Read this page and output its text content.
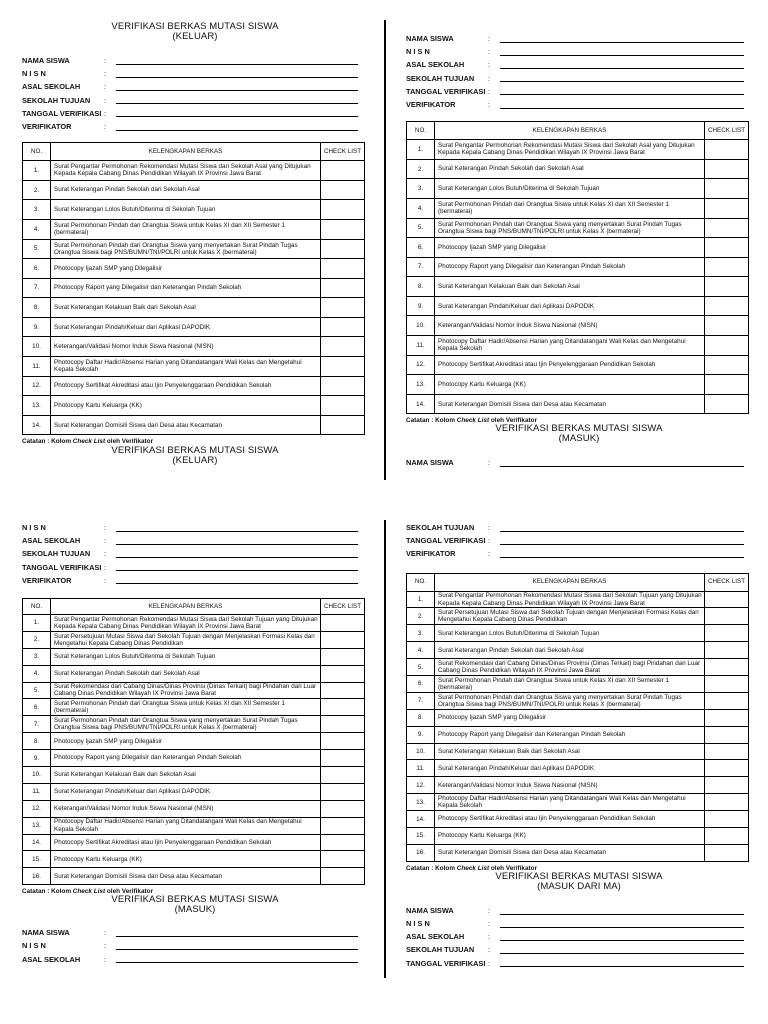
VERIFIKASI BERKAS MUTASI SISWA
(KELUAR)
NAMA SISWA	:
N I S N	:
ASAL SEKOLAH	:
SEKOLAH TUJUAN :
TANGGAL VERIFIKASI :
VERIFIKATOR	:
NO.	KELENGKAPAN BERKAS	CHECK LIST
1.	Surat Pengantar Permohonan Rekomendasi Mutasi Siswa dari Sekolah Asal yang Ditujukan Kepada Kepala Cabang Dinas Pendidikan Wilayah IX Provinsi Jawa Barat	
2.	Surat Keterangan Pindah Sekolah dari Sekolah Asal	
3.	Surat Keterangan Lolos Butuh/Diterima di Sekolah Tujuan	
4.	Surat Permohonan Pindah dari Orangtua Siswa untuk Kelas XI dan XII Semester 1 (bermaterai)	
5.	Surat Permohonan Pindah dari Orangtua Siswa yang menyertakan Surat Pindah Tugas Orangtua Siswa bagi PNS/BUMN/TNI/POLRI untuk Kelas X (bermaterai)	
6.	Photocopy Ijazah SMP yang Dilegalisir	
7.	Photocopy Raport yang Dilegalisir dan Keterangan Pindah Sekolah	
8.	Surat Keterangan Kelakuan Baik dari Sekolah Asal	
9.	Surat Keterangan Pindah/Keluar dari Aplikasi DAPODIK	
10.	Keterangan/Validasi Nomor Induk Siswa Nasional (NISN)	
11.	Photocopy Daftar Hadir/Absensi Harian yang Ditandatangani Wali Kelas dan Mengetahui Kepala Sekolah	
12.	Photocopy Sertifikat Akreditasi atau Ijin Penyelenggaraan Pendidikan Sekolah	
13.	Photocopy Kartu Keluarga (KK)	
14.	Surat Keterangan Domisili Siswa dari Desa atau Kecamatan	
Catatan : Kolom Check List oleh Verifikator
VERIFIKASI BERKAS MUTASI SISWA
(KELUAR)
NAMA SISWA	:
N I S N	:
ASAL SEKOLAH	:
SEKOLAH TUJUAN :
TANGGAL VERIFIKASI :
VERIFIKATOR	:
NO.	KELENGKAPAN BERKAS	CHECK LIST
1.	Surat Pengantar Permohonan Rekomendasi Mutasi Siswa dari Sekolah Asal yang Ditujukan Kepada Kepala Cabang Dinas Pendidikan Wilayah IX Provinsi Jawa Barat	
2.	Surat Keterangan Pindah Sekolah dari Sekolah Asal	
3.	Surat Keterangan Lolos Butuh/Diterima di Sekolah Tujuan	
4.	Surat Permohonan Pindah dari Orangtua Siswa untuk Kelas XI dan XII Semester 1 (bermaterai)	
5.	Surat Permohonan Pindah dari Orangtua Siswa yang menyertakan Surat Pindah Tugas Orangtua Siswa bagi PNS/BUMN/TNI/POLRI untuk Kelas X (bermaterai)	
6.	Photocopy Ijazah SMP yang Dilegalisir	
7.	Photocopy Raport yang Dilegalisir dan Keterangan Pindah Sekolah	
8.	Surat Keterangan Kelakuan Baik dari Sekolah Asal	
9.	Surat Keterangan Pindah/Keluar dari Aplikasi DAPODIK	
10.	Keterangan/Validasi Nomor Induk Siswa Nasional (NISN)	
11.	Photocopy Daftar Hadir/Absensi Harian yang Ditandatangani Wali Kelas dan Mengetahui Kepala Sekolah	
12.	Photocopy Sertifikat Akreditasi atau Ijin Penyelenggaraan Pendidikan Sekolah	
13.	Photocopy Kartu Keluarga (KK)	
14.	Surat Keterangan Domisili Siswa dari Desa atau Kecamatan	
Catatan : Kolom Check List oleh Verifikator
VERIFIKASI BERKAS MUTASI SISWA
(MASUK)
NAMA SISWA	:
N I S N	:
ASAL SEKOLAH	:
SEKOLAH TUJUAN :
TANGGAL VERIFIKASI :
VERIFIKATOR	:
NO.	KELENGKAPAN BERKAS	CHECK LIST
1.	Surat Pengantar Permohonan Rekomendasi Mutasi Siswa dari Sekolah Tujuan yang Ditujukan Kepada Kepala Cabang Dinas Pendidikan Wilayah IX Provinsi Jawa Barat	
2.	Surat Persetujuan Mutasi Siswa dari Sekolah Tujuan dengan Menjelaskan Formasi Kelas dan Mengetahui Kepala Cabang Dinas Pendidikan	
3.	Surat Keterangan Lolos Butuh/Diterima di Sekolah Tujuan	
4.	Surat Keterangan Pindah Sekolah dari Sekolah Asal	
5.	Surat Rekomendasi dari Cabang Dinas/Dinas Provinsi (Dinas Terkait) bagi Pindahan dari Luar Cabang Dinas Pendidikan Wilayah IX Provinsi Jawa Barat	
6.	Surat Permohonan Pindah dari Orangtua Siswa untuk Kelas XI dan XII Semester 1 (bermaterai)	
7.	Surat Permohonan Pindah dari Orangtua Siswa yang menyertakan Surat Pindah Tugas Orangtua Siswa bagi PNS/BUMN/TNI/POLRI untuk Kelas X (bermaterai)	
8.	Photocopy Ijazah SMP yang Dilegalisir	
9.	Photocopy Raport yang Dilegalisir dan Keterangan Pindah Sekolah	
10.	Surat Keterangan Kelakuan Baik dari Sekolah Asal	
11.	Surat Keterangan Pindah/Keluar dari Aplikasi DAPODIK	
12.	Keterangan/Validasi Nomor Induk Siswa Nasional (NISN)	
13.	Photocopy Daftar Hadir/Absensi Harian yang Ditandatangani Wali Kelas dan Mengetahui Kepala Sekolah	
14.	Photocopy Sertifikat Akreditasi atau Ijin Penyelenggaraan Pendidikan Sekolah	
15.	Photocopy Kartu Keluarga (KK)	
16.	Surat Keterangan Domisili Siswa dari Desa atau Kecamatan	
Catatan : Kolom Check List oleh Verifikator
VERIFIKASI BERKAS MUTASI SISWA
(MASUK)
NAMA SISWA	:
N I S N	:
ASAL SEKOLAH	:
SEKOLAH TUJUAN :
TANGGAL VERIFIKASI :
VERIFIKATOR	:
NO.	KELENGKAPAN BERKAS	CHECK LIST
1.	Surat Pengantar Permohonan Rekomendasi Mutasi Siswa dari Sekolah Tujuan yang Ditujukan Kepada Kepala Cabang Dinas Pendidikan Wilayah IX Provinsi Jawa Barat	
2.	Surat Persetujuan Mutasi Siswa dari Sekolah Tujuan dengan Menjelaskan Formasi Kelas dan Mengetahui Kepala Cabang Dinas Pendidikan	
3.	Surat Keterangan Lolos Butuh/Diterima di Sekolah Tujuan	
4.	Surat Keterangan Pindah Sekolah dari Sekolah Asal	
5.	Surat Rekomendasi dari Cabang Dinas/Dinas Provinsi (Dinas Terkait) bagi Pindahan dari Luar Cabang Dinas Pendidikan Wilayah IX Provinsi Jawa Barat	
6.	Surat Permohonan Pindah dari Orangtua Siswa untuk Kelas XI dan XII Semester 1 (bermaterai)	
7.	Surat Permohonan Pindah dari Orangtua Siswa yang menyertakan Surat Pindah Tugas Orangtua Siswa bagi PNS/BUMN/TNI/POLRI untuk Kelas X (bermaterai)	
8.	Photocopy Ijazah SMP yang Dilegalisir	
9.	Photocopy Raport yang Dilegalisir dan Keterangan Pindah Sekolah	
10.	Surat Keterangan Kelakuan Baik dari Sekolah Asal	
11.	Surat Keterangan Pindah/Keluar dari Aplikasi DAPODIK	
12.	Keterangan/Validasi Nomor Induk Siswa Nasional (NISN)	
13.	Photocopy Daftar Hadir/Absensi Harian yang Ditandatangani Wali Kelas dan Mengetahui Kepala Sekolah	
14.	Photocopy Sertifikat Akreditasi atau Ijin Penyelenggaraan Pendidikan Sekolah	
15.	Photocopy Kartu Keluarga (KK)	
16.	Surat Keterangan Domisili Siswa dari Desa atau Kecamatan	
Catatan : Kolom Check List oleh Verifikator
VERIFIKASI BERKAS MUTASI SISWA
(MASUK DARI MA)
NAMA SISWA	:
N I S N	:
ASAL SEKOLAH	:
SEKOLAH TUJUAN :
TANGGAL VERIFIKASI :
